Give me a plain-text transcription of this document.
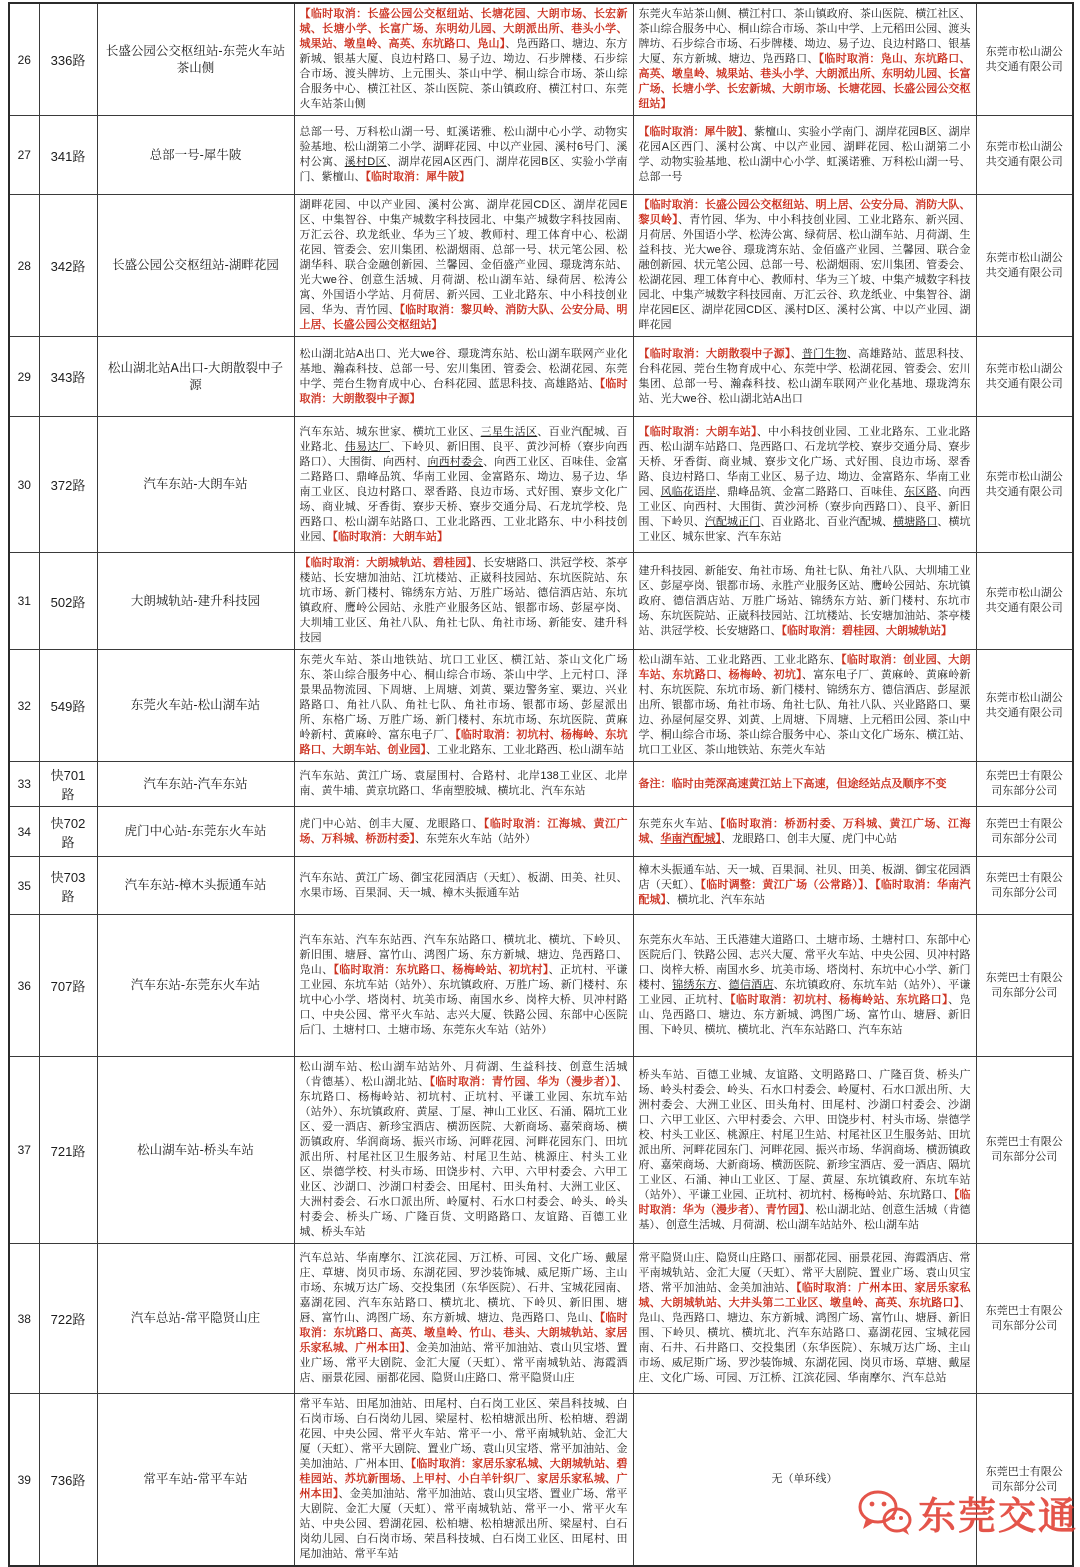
26	336路	长盛公园公交枢纽站-东莞火车站茶山侧	【临时取消：长盛公园公交枢纽站、长塘花园、大朗市场、长宏新城、长塘小学、长富广场、东明幼儿园、大朗派出所、巷头小学、城果站、墩皇岭、高英、东坑路口、凫山】、凫西路口、塘边、东方新城、银基大厦、良边村路口、易子边、坳边、石步牌楼、石步综合市场、渡头牌坊、上元围头、茶山中学、桐山综合市场、茶山综合服务中心、横江社区、茶山医院、茶山镇政府、横江村口、东莞火车站茶山侧	东莞火车站茶山侧、横江村口、茶山镇政府、茶山医院、横江社区、茶山综合服务中心、桐山综合市场、茶山中学、上元稻田公园、渡头牌坊、石步综合市场、石步牌楼、坳边、易子边、良边村路口、银基大厦、东方新城、塘边、凫西路口、【临时取消：凫山、东坑路口、高英、墩皇岭、城果站、巷头小学、大朗派出所、东明幼儿园、长富广场、长塘小学、长宏新城、大朗市场、长塘花园、长盛公园公交枢纽站】	东莞市松山湖公共交通有限公司
27	341路	总部一号-犀牛陂	总部一号、万科松山湖一号、虹溪诺雅、松山湖中心小学、动物实验基地、松山湖第二小学、湖畔花园、中以产业园、溪村6号门、溪村公寓、溪村D区、湖岸花园A区西门、湖岸花园B区、实验小学南门、紫檀山、【临时取消：犀牛陂】	【临时取消：犀牛陂】、紫檀山、实验小学南门、湖岸花园B区、湖岸花园A区西门、溪村公寓、中以产业园、湖畔花园、松山湖第二小学、动物实验基地、松山湖中心小学、虹溪诺雅、万科松山湖一号、总部一号	东莞市松山湖公共交通有限公司
28	342路	长盛公园公交枢纽站-湖畔花园	湖畔花园、中以产业园、溪村公寓、湖岸花园CD区、湖岸花园E区、中集智谷、中集产城数字科技园北、中集产城数字科技园南、万汇云谷、玖龙纸业、华为三丫坡、教师村、理工体育中心、松湖花园、管委会、宏川集团、松湖烟雨、总部一号、状元笔公园、松湖华科、联合金融创新园、兰馨园、金佰盛产业园、璟珑湾东站、光大we谷、创意生活城、月荷湖、松山湖车站、绿荷居、松涛公寓、外国语小学站、月荷居、新兴园、工业北路东、中小科技创业园、华为、青竹园、【临时取消：黎贝岭、消防大队、公安分局、明上居、长盛公园公交枢纽站】	【临时取消：长盛公园公交枢纽站、明上居、公安分局、消防大队、黎贝岭】、青竹园、华为、中小科技创业园、工业北路东、新兴园、月荷居、外国语小学、松涛公寓、绿荷居、松山湖车站、月荷湖、生益科技、光大we谷、璟珑湾东站、金佰盛产业园、兰馨园、联合金融创新园、状元笔公园、总部一号、松湖烟雨、宏川集团、管委会、松湖花园、理工体育中心、教师村、华为三丫坡、中集产城数字科技园北、中集产城数字科技园南、万汇云谷、玖龙纸业、中集智谷、湖岸花园E区、湖岸花园CD区、溪村D区、溪村公寓、中以产业园、湖畔花园	东莞市松山湖公共交通有限公司
29	343路	松山湖北站A出口-大朗散裂中子源	松山湖北站A出口、光大we谷、璟珑湾东站、松山湖车联网产业化基地、瀚森科技、总部一号、宏川集团、管委会、松湖花园、东莞中学、莞台生物育成中心、台科花园、蓝思科技、高雄路站、【临时取消：大朗散裂中子源】	【临时取消：大朗散裂中子源】、普门生物、高雄路站、蓝思科技、台科花园、莞台生物育成中心、东莞中学、松湖花园、管委会、宏川集团、总部一号、瀚森科技、松山湖车联网产业化基地、璟珑湾东站、光大we谷、松山湖北站A出口	东莞市松山湖公共交通有限公司
30	372路	汽车东站-大朗车站	汽车东站、城东世家、横坑工业区、三星生活区、百业汽配城、百业路北、伟易达厂、下岭贝、新旧围、良平、黄沙河桥（寮步向西路口）、大围街、向西村、向西村委会、向西工业区、百味佳、金富二路路口、鼎峰品筑、华南工业园、金富路东、坳边、易子边、华南工业区、良边村路口、翠香路、良边市场、式好围、寮步文化广场、商业城、牙香街、寮步天桥、寮步交通分局、石龙坑学校、凫西路口、松山湖车站路口、工业北路西、工业北路东、中小科技创业园、【临时取消：大朗车站】	【临时取消：大朗车站】、中小科技创业园、工业北路东、工业北路西、松山湖车站路口、凫西路口、石龙坑学校、寮步交通分局、寮步天桥、牙香街、商业城、寮步文化广场、式好围、良边市场、翠香路、良边村路口、华南工业区、易子边、坳边、金富路东、华南工业园、风临花语岸、鼎峰品筑、金富二路路口、百味佳、东区路、向西工业区、向西村、大围街、黄沙河桥（寮步向西路口）、良平、新旧围、下岭贝、汽配城正门、百业路北、百业汽配城、横塘路口、横坑工业区、城东世家、汽车东站	东莞市松山湖公共交通有限公司
31	502路	大朗城轨站-建升科技园	【临时取消：大朗城轨站、碧桂园】、长安塘路口、洪冠学校、茶亭楼站、长安塘加油站、江坑楼站、正崴科技园站、东坑医院站、东坑市场、新门楼村、锦绣东方站、万胜广场站、德信酒店站、东坑镇政府、鹰岭公园站、永胜产业服务区站、银都市场、彭屋亭岗、大圳埔工业区、角社八队、角社七队、角社市场、新能安、建升科技园	建升科技园、新能安、角社市场、角社七队、角社八队、大圳埔工业区、彭屋亭岗、银都市场、永胜产业服务区站、鹰岭公园站、东坑镇政府、德信酒店站、万胜广场站、锦绣东方站、新门楼村、东坑市场、东坑医院站、正崴科技园站、江坑楼站、长安塘加油站、茶亭楼站、洪冠学校、长安塘路口、【临时取消：碧桂园、大朗城轨站】	东莞市松山湖公共交通有限公司
32	549路	东莞火车站-松山湖车站	东莞火车站、茶山地铁站、坑口工业区、横江站、茶山文化广场东、茶山综合服务中心、桐山综合市场、茶山中学、上元村口、泽景果品物流园、下周塘、上周塘、刘黄、粟边警务室、粟边、兴业路路口、角社八队、角社七队、角社市场、银都市场、彭屋派出所、东格广场、万胜广场、新门楼村、东坑市场、东坑医院、黄麻岭新村、黄麻岭、富东电子厂、【临时取消：初坑村、杨梅岭、东坑路口、大朗车站、创业园】、工业北路东、工业北路西、松山湖车站	松山湖车站、工业北路西、工业北路东、【临时取消：创业园、大朗车站、东坑路口、杨梅岭、初坑】、富东电子厂、黄麻岭、黄麻岭新村、东坑医院、东坑市场、新门楼村、锦绣东方、德信酒店、彭屋派出所、银都市场、角社市场、角社七队、角社八队、兴业路路口、粟边、孙屋何屋交界、刘黄、上周塘、下周塘、上元稻田公园、茶山中学、桐山综合市场、茶山综合服务中心、茶山文化广场东、横江站、坑口工业区、茶山地铁站、东莞火车站	东莞市松山湖公共交通有限公司
33	快701路	汽车东站-汽车东站	汽车东站、黄江广场、袁屋围村、合路村、北岸138工业区、北岸南、黄牛埔、黄京坑路口、华南塑胶城、横坑北、汽车东站	备注：临时由莞深高速黄江站上下高速，但途经站点及顺序不变	东莞巴士有限公司东部分公司
34	快702路	虎门中心站-东莞东火车站	虎门中心站、创丰大厦、龙眼路口、【临时取消：江海城、黄江广场、万科城、桥沥村委】、东莞东火车站（站外）	东莞东火车站、【临时取消：桥沥村委、万科城、黄江广场、江海城、华南汽配城】、龙眼路口、创丰大厦、虎门中心站	东莞巴士有限公司东部分公司
35	快703路	汽车东站-樟木头振通车站	汽车东站、黄江广场、御宝花园酒店（天虹）、板湖、田美、社贝、水果市场、百果洞、天一城、樟木头振通车站	樟木头振通车站、天一城、百果洞、社贝、田美、板湖、御宝花园酒店（天虹）、【临时调整：黄江广场（公常路）】、【临时取消：华南汽配城】、横坑北、汽车东站	东莞巴士有限公司东部分公司
36	707路	汽车东站-东莞东火车站	汽车东站、汽车东站西、汽车东站路口、横坑北、横坑、下岭贝、新旧围、塘唇、富竹山、鸿图广场、东方新城、塘边、凫西路口、凫山、【临时取消：东坑路口、杨梅岭站、初坑村】、正坑村、平谦工业园、东坑车站（站外）、东坑镇政府、万胜广场、新门楼村、东坑中心小学、塔岗村、坑美市场、南国水乡、岗梓大桥、贝冲村路口、中央公园、常平火车站、志兴大厦、铁路公园、东部中心医院后门、土塘村口、土塘市场、东莞东火车站（站外）	东莞东火车站、王氏港建大道路口、土塘市场、土塘村口、东部中心医院后门、铁路公园、志兴大厦、常平火车站、中央公园、贝冲村路口、岗梓大桥、南国水乡、坑美市场、塔岗村、东坑中心小学、新门楼村、锦绣东方、德信酒店、东坑镇政府、东坑车站（站外）、平谦工业园、正坑村、【临时取消：初坑村、杨梅岭站、东坑路口】、凫山、凫西路口、塘边、东方新城、鸿图广场、富竹山、塘唇、新旧围、下岭贝、横坑、横坑北、汽车东站路口、汽车东站	东莞巴士有限公司东部分公司
37	721路	松山湖车站-桥头车站	松山湖车站、松山湖车站站外、月荷湖、生益科技、创意生活城（肯德基）、松山湖北站、【临时取消：青竹园、华为（漫步者）】、东坑路口、杨梅岭站、初坑村、正坑村、平谦工业园、东坑车站（站外）、东坑镇政府、黄屋、丁屋、神山工业区、石涌、隔坑工业区、爱一酒店、新珍宝酒店、横沥医院、大新商场、嘉荣商场、横沥镇政府、华润商场、振兴市场、河畔花园、河畔花园东门、田坑派出所、村尾社区卫生服务站、村尾卫生站、桃源庄、村头工业区、崇德学校、村头市场、田饶步村、六甲、六甲村委会、六甲工业区、沙湖口、沙湖口村委会、田尾村、田头角村、大洲工业区、大洲村委会、石水口派出所、岭厦村、石水口村委会、岭头、岭头村委会、桥头广场、广隆百货、文明路路口、友谊路、百德工业城、桥头车站	桥头车站、百德工业城、友谊路、文明路路口、广隆百货、桥头广场、岭头村委会、岭头、石水口村委会、岭厦村、石水口派出所、大洲村委会、大洲工业区、田头角村、田尾村、沙湖口村委会、沙湖口、六甲工业区、六甲村委会、六甲、田饶步村、村头市场、崇德学校、村头工业区、桃源庄、村尾卫生站、村尾社区卫生服务站、田坑派出所、河畔花园东门、河畔花园、振兴市场、华润商场、横沥镇政府、嘉荣商场、大新商场、横沥医院、新珍宝酒店、爱一酒店、隔坑工业区、石涌、神山工业区、丁屋、黄屋、东坑镇政府、东坑车站（站外）、平谦工业园、正坑村、初坑村、杨梅岭站、东坑路口、【临时取消：华为（漫步者）、青竹园】、松山湖北站、创意生活城（肯德基）、创意生活城、月荷湖、松山湖车站站外、松山湖车站	东莞巴士有限公司东部分公司
38	722路	汽车总站-常平隐贤山庄	汽车总站、华南摩尔、江滨花园、万江桥、可园、文化广场、戴屋庄、草塘、岗贝市场、东湖花园、罗沙装饰城、威尼斯广场、主山市场、东城万达广场、交投集团（东华医院）、石井、宝城花园南、嘉湖花园、汽车东站路口、横坑北、横坑、下岭贝、新旧围、塘唇、富竹山、鸿图广场、东方新城、塘边、凫西路口、凫山、【临时取消：东坑路口、高英、墩皇岭、竹山、巷头、大朗城轨站、家居乐家私城、广州本田】、金美加油站、常平加油站、袁山贝宝塔、置业广场、常平大剧院、金汇大厦（天虹）、常平南城轨站、海霞酒店、丽景花园、丽都花园、隐贤山庄路口、常平隐贤山庄	常平隐贤山庄、隐贤山庄路口、丽都花园、丽景花园、海霞酒店、常平南城轨站、金汇大厦（天虹）、常平大剧院、置业广场、袁山贝宝塔、常平加油站、金美加油站、【临时取消：广州本田、家居乐家私城、大朗城轨站、大井头第二工业区、墩皇岭、高英、东坑路口】、凫山、凫西路口、塘边、东方新城、鸿图广场、富竹山、塘唇、新旧围、下岭贝、横坑、横坑北、汽车东站路口、嘉湖花园、宝城花园南、石井、石井路口、交投集团（东华医院）、东城万达广场、主山市场、威尼斯广场、罗沙装饰城、东湖花园、岗贝市场、草塘、戴屋庄、文化广场、可园、万江桥、江滨花园、华南摩尔、汽车总站	东莞巴士有限公司东部分公司
39	736路	常平车站-常平车站	常平车站、田尾加油站、田尾村、白石岗工业区、荣昌科技城、白石岗市场、白石岗幼儿园、梁屋村、松柏塘派出所、松柏塘、碧湖花园、中央公园、常平火车站、常平一小、常平南城轨站、金汇大厦（天虹）、常平大剧院、置业广场、袁山贝宝塔、常平加油站、金美加油站、广州本田、【临时取消：家居乐家私城、大朗城轨站、碧桂园站、苏坑新围场、上甲村、小白羊针织厂、家居乐家私城、广州本田】、金美加油站、常平加油站、袁山贝宝塔、置业广场、常平大剧院、金汇大厦（天虹）、常平南城轨站、常平一小、常平火车站、中央公园、碧湖花园、松柏塘、松柏塘派出所、梁屋村、白石岗幼儿园、白石岗市场、荣昌科技城、白石岗工业区、田尾村、田尾加油站、常平车站	无（单环线）	东莞巴士有限公司东部分公司
东莞交通
